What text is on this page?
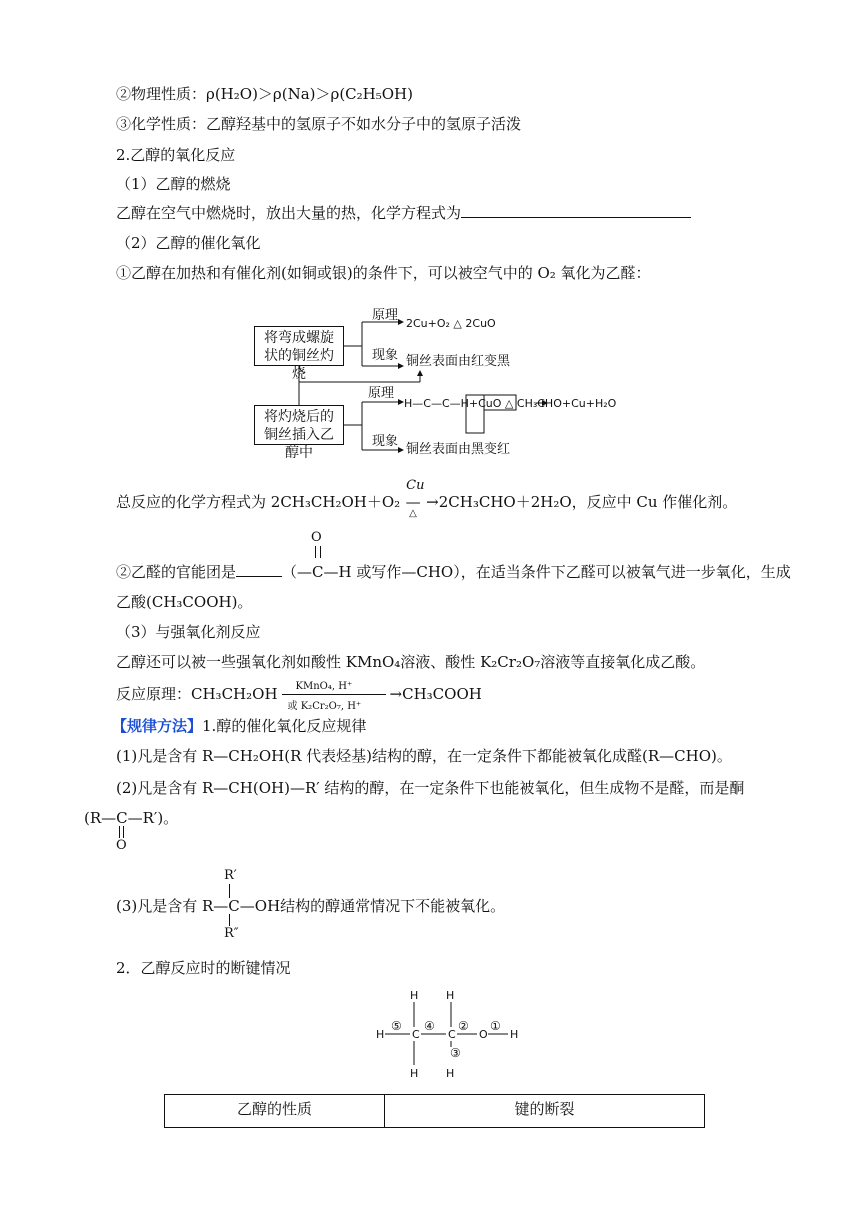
②物理性质：ρ(H₂O)＞ρ(Na)＞ρ(C₂H₅OH)
③化学性质：乙醇羟基中的氢原子不如水分子中的氢原子活泼
2.乙醇的氧化反应
（1）乙醇的燃烧
乙醇在空气中燃烧时，放出大量的热，化学方程式为
（2）乙醇的催化氧化
①乙醇在加热和有催化剂(如铜或银)的条件下，可以被空气中的 O₂ 氧化为乙醛：
将弯成螺旋状的铜丝灼烧
将灼烧后的铜丝插入乙醇中
原理
2Cu+O₂ △ 2CuO
现象 铜丝表面由红变黑
原理
H—C—C—H+CuO △ CH₃CHO+Cu+H₂O
现象
铜丝表面由黑变红
总反应的化学方程式为 2CH₃CH₂OH＋O₂
Cu
—
△
→2CH₃CHO＋2H₂O，反应中 Cu 作催化剂。
O
②乙醛的官能团是	（—C—H 或写作—CHO），在适当条件下乙醛可以被氧气进一步氧化，生成
乙酸(CH₃COOH)。
（3）与强氧化剂反应
乙醇还可以被一些强氧化剂如酸性 KMnO₄溶液、酸性 K₂Cr₂O₇溶液等直接氧化成乙酸。
反应原理：CH₃CH₂OH KMnO₄, H⁺
或 K₂Cr₂O₇, H⁺
→CH₃COOH
【规律方法】1.醇的催化氧化反应规律
(1)凡是含有 R—CH₂OH(R 代表烃基)结构的醇，在一定条件下都能被氧化成醛(R—CHO)。
(2)凡是含有 R—CH(OH)—R′ 结构的醇，在一定条件下也能被氧化，但生成物不是醛，而是酮
(R—C—R′)。
O
R′
(3)凡是含有 R—C—OH结构的醇通常情况下不能被氧化。
R″
2．乙醇反应时的断键情况
H	H
H	C	C O H
H	H
⑤ ④ ② ①
③
乙醇的性质	键的断裂
